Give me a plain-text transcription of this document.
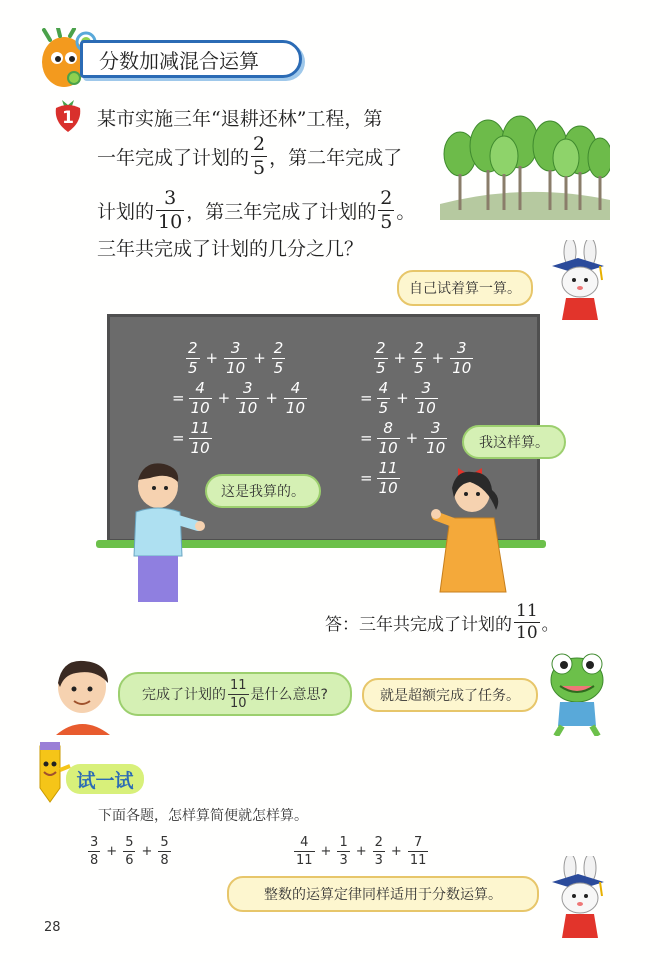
分数加减混合运算
1	某市实施三年“退耕还林”工程，第
一年完成了计划的 $\frac{2}{5}$ ，第二年完成了
计划的 $\frac{3}{10}$ ，第三年完成了计划的 $\frac{2}{5}$ 。
三年共完成了计划的几分之几？
自己试着算一算。
$\frac{2}{5} + \frac{3}{10} + \frac{2}{5}$
= $\frac{4}{10} + \frac{3}{10} + \frac{4}{10}$
= $\frac{11}{10}$
$\frac{2}{5} + \frac{2}{5} + \frac{3}{10}$
= $\frac{4}{5} + \frac{3}{10}$
= $\frac{8}{10} + \frac{3}{10}$
= $\frac{11}{10}$
这是我算的。
我这样算。
答：三年共完成了计划的 $\frac{11}{10}$ 。
完成了计划的 $\frac{11}{10}$ 是什么意思?	就是超额完成了任务。
试一试
下面各题，怎样算简便就怎样算。
$\frac{3}{8} + \frac{5}{6} + \frac{5}{8}$	$\frac{4}{11} + \frac{1}{3} + \frac{2}{3} + \frac{7}{11}$
整数的运算定律同样适用于分数运算。
28
